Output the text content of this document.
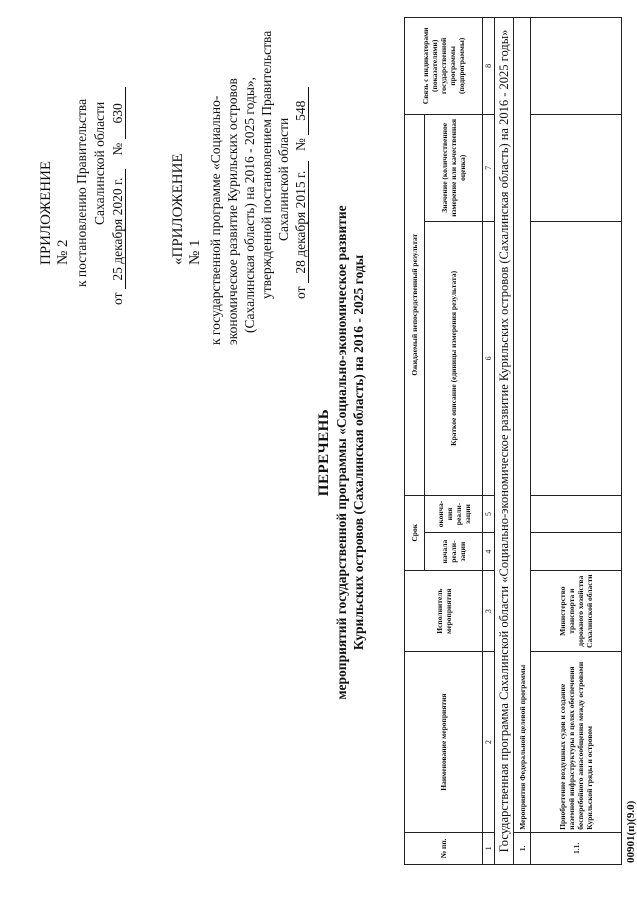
ПРИЛОЖЕНИЕ № 2 к постановлению Правительства Сахалинской области
от 25 декабря 2020 г.    № 630
«ПРИЛОЖЕНИЕ № 1 к государственной программе «Социально- экономическое развитие Курильских островов (Сахалинская область) на 2016 - 2025 годы», утвержденной постановлением Правительства Сахалинской области
от 28 декабря 2015 г.   № 548
ПЕРЕЧЕНЬ мероприятий государственной программы «Социально-экономическое развитие Курильских островов (Сахалинская область) на 2016 - 2025 годы
№ пп.	Наименование мероприятия	Исполнитель мероприятия	Срок		Ожидаемый непосредственный результат		Связь с индикаторами (показателями) государственной программы (подпрограммы)
			начала реали-зации	оконча-ния реали-зации	Краткое описание (единицы измерения результата)	Значение (количественное измерение или качественная оценка)	

1	2	3	4	5	6	7	8
Государственная программа Сахалинской области «Социально-экономическое развитие Курильских островов (Сахалинская область) на 2016 - 2025 годы»							
1.	Мероприятия Федеральной целевой программы						
1.1.	Приобретение воздушных судов и создание наземной инфраструктуры в целях обеспечения бесперебойного авиасообщения между островами Курильской гряды и островом	Министерство транспорта и дорожного хозяйства Сахалинской области					
00901(п)(9.0)
